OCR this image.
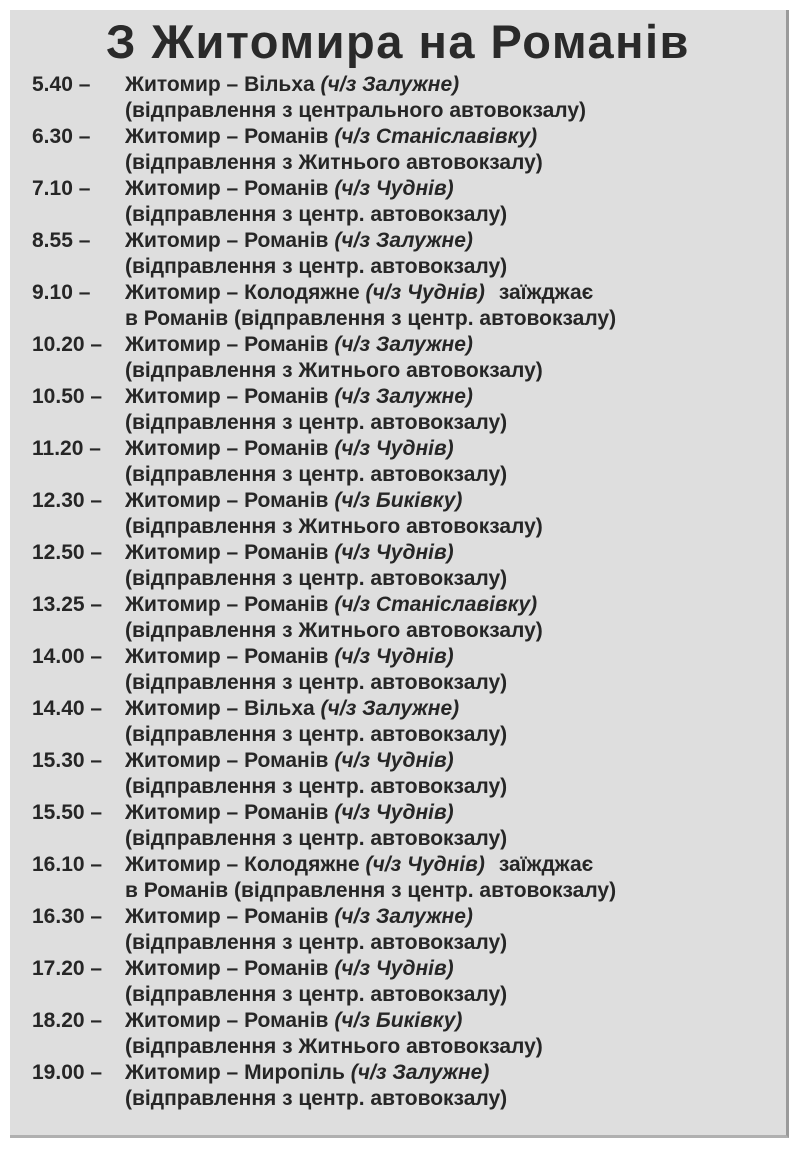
З Житомира на Романів
5.40 – Житомир – Вільха (ч/з Залужне)
(відправлення з центрального автовокзалу)
6.30 – Житомир – Романів (ч/з Станіславівку)
(відправлення з Житнього автовокзалу)
7.10 – Житомир – Романів (ч/з Чуднів)
(відправлення з центр. автовокзалу)
8.55 – Житомир – Романів (ч/з Залужне)
(відправлення з центр. автовокзалу)
9.10 – Житомир – Колодяжне (ч/з Чуднів) заїжджає
в Романів (відправлення з центр. автовокзалу)
10.20 – Житомир – Романів (ч/з Залужне)
(відправлення з Житнього автовокзалу)
10.50 – Житомир – Романів (ч/з Залужне)
(відправлення з центр. автовокзалу)
11.20 – Житомир – Романів (ч/з Чуднів)
(відправлення з центр. автовокзалу)
12.30 – Житомир – Романів (ч/з Биківку)
(відправлення з Житнього автовокзалу)
12.50 – Житомир – Романів (ч/з Чуднів)
(відправлення з центр. автовокзалу)
13.25 – Житомир – Романів (ч/з Станіславівку)
(відправлення з Житнього автовокзалу)
14.00 – Житомир – Романів (ч/з Чуднів)
(відправлення з центр. автовокзалу)
14.40 – Житомир – Вільха (ч/з Залужне)
(відправлення з центр. автовокзалу)
15.30 – Житомир – Романів (ч/з Чуднів)
(відправлення з центр. автовокзалу)
15.50 – Житомир – Романів (ч/з Чуднів)
(відправлення з центр. автовокзалу)
16.10 – Житомир – Колодяжне (ч/з Чуднів) заїжджає
в Романів (відправлення з центр. автовокзалу)
16.30 – Житомир – Романів (ч/з Залужне)
(відправлення з центр. автовокзалу)
17.20 – Житомир – Романів (ч/з Чуднів)
(відправлення з центр. автовокзалу)
18.20 – Житомир – Романів (ч/з Биківку)
(відправлення з Житнього автовокзалу)
19.00 – Житомир – Миропіль (ч/з Залужне)
(відправлення з центр. автовокзалу)
